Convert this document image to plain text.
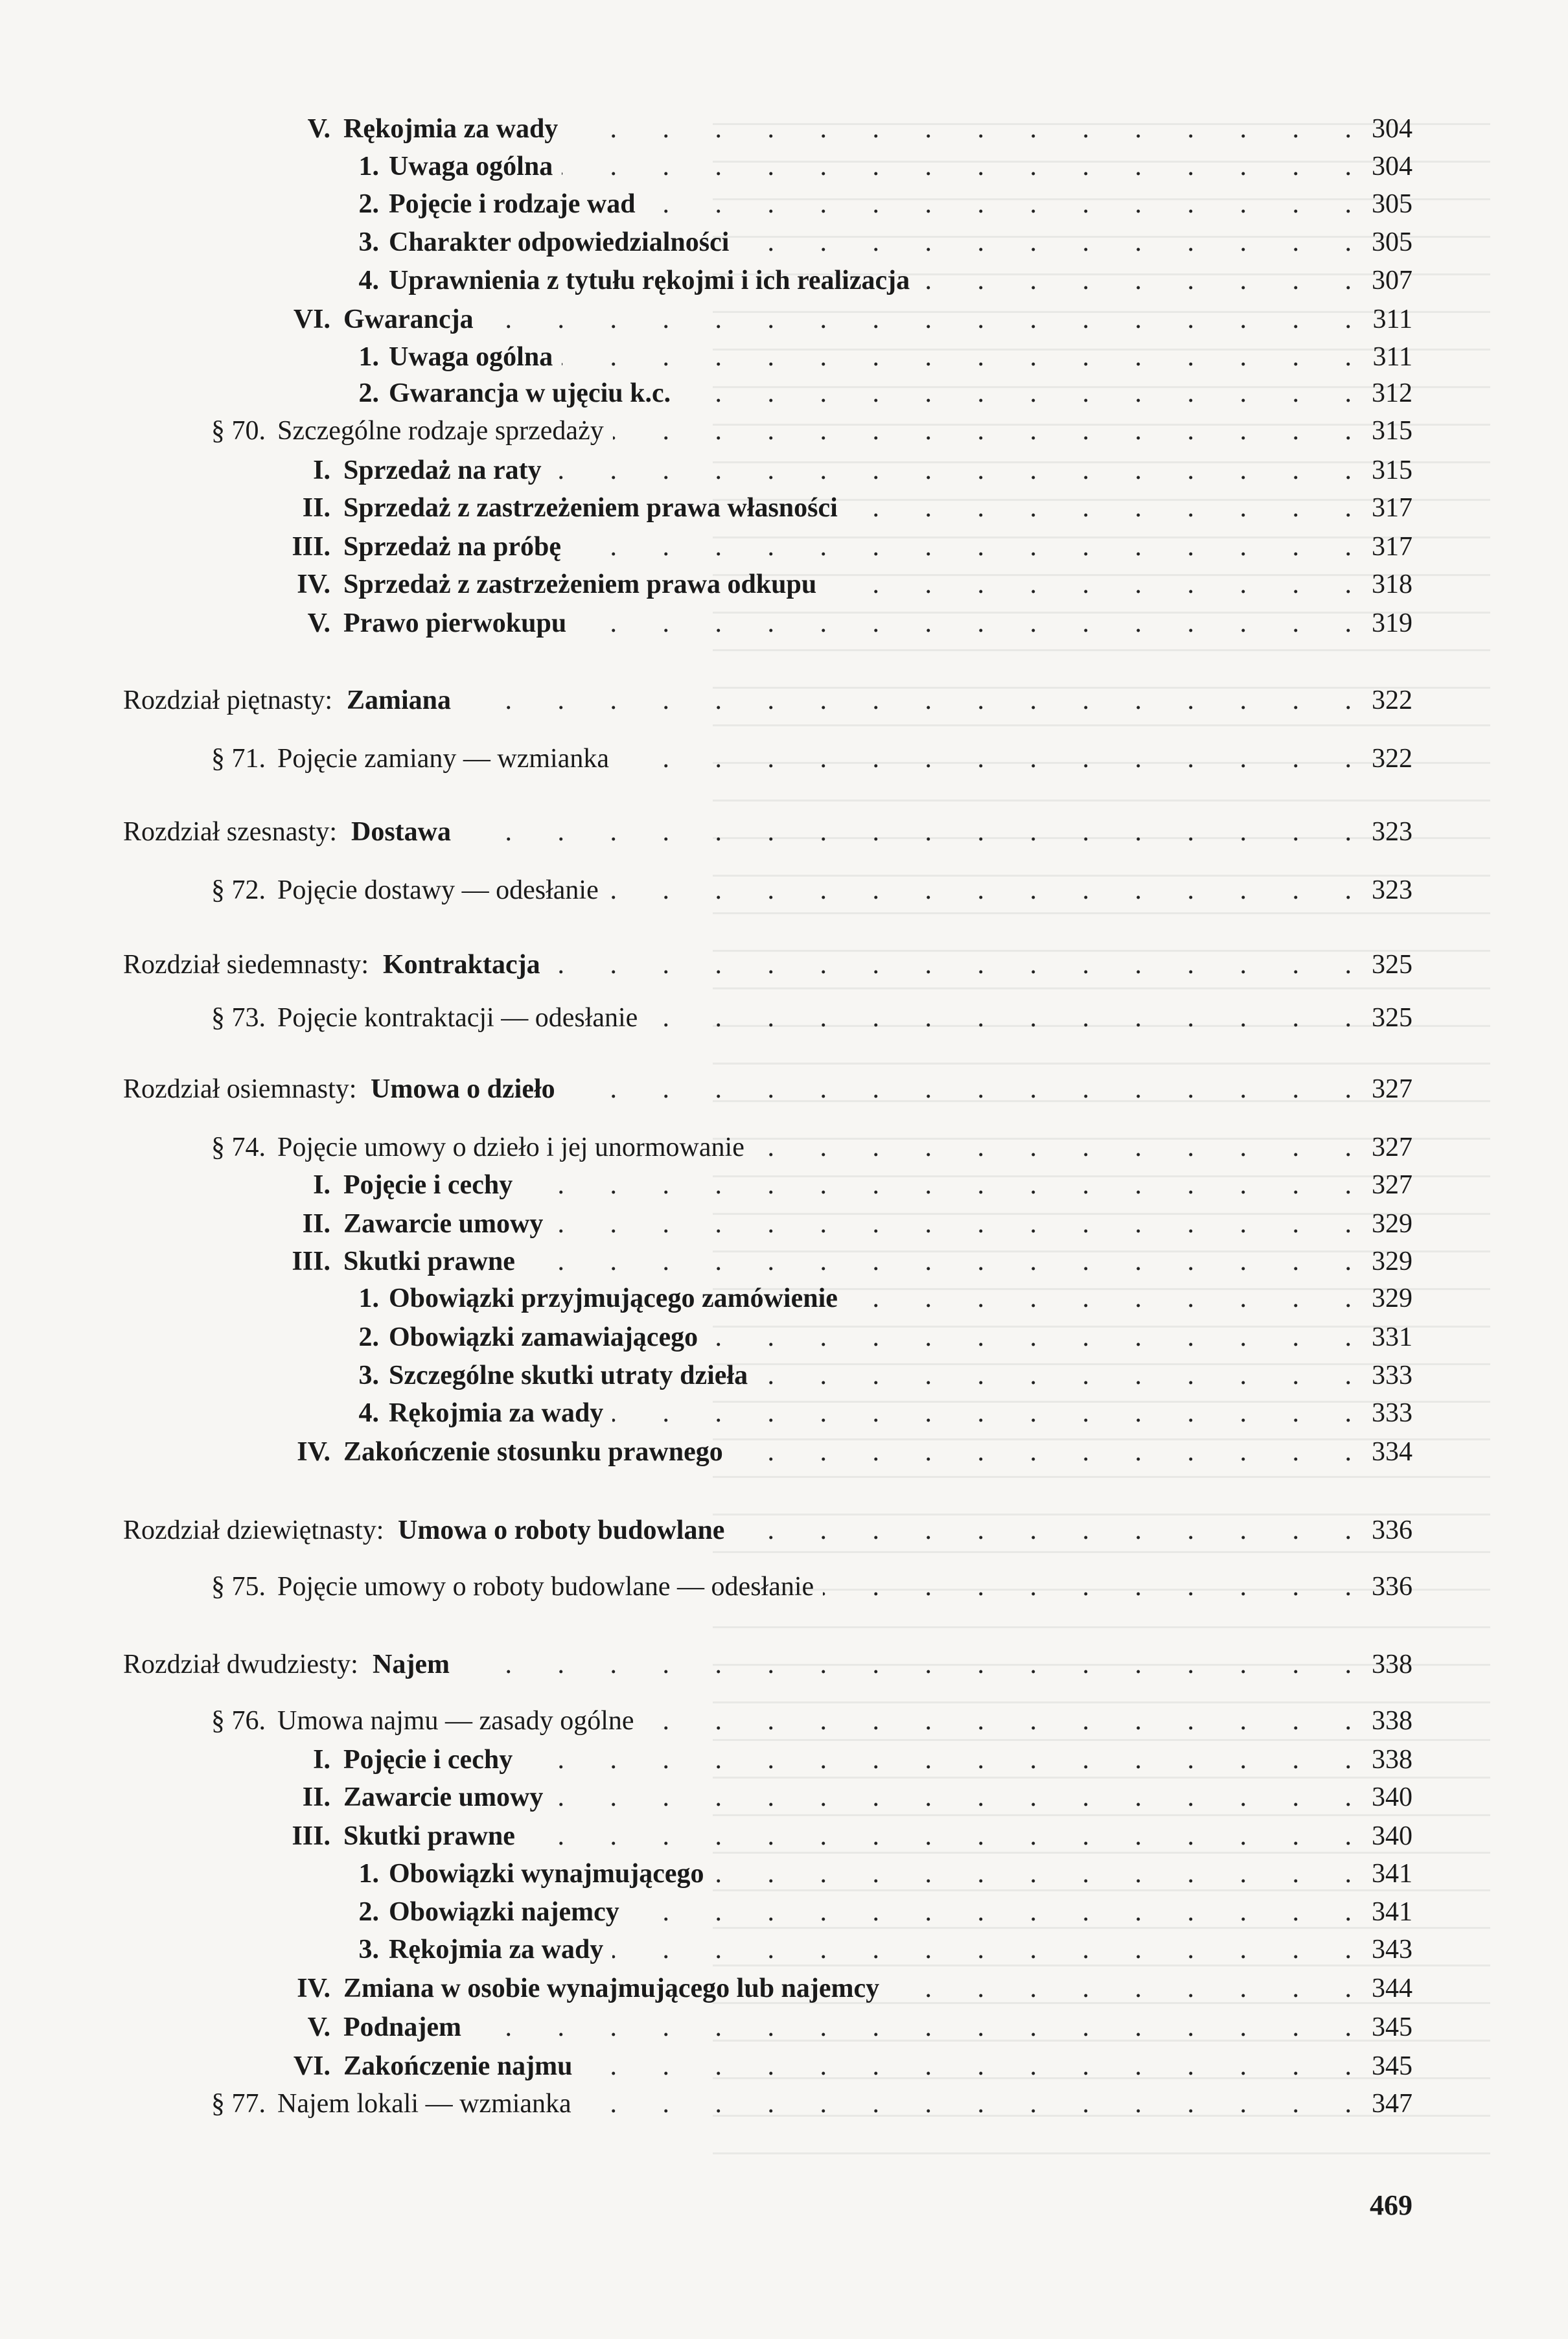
V. Rękojmia za wady . . .	304
1. Uwaga ogólna . . .	304
2. Pojęcie i rodzaje wad . . .	305
3. Charakter odpowiedzialności . . .	305
4. Uprawnienia z tytułu rękojmi i ich realizacja . . .	307
VI. Gwarancja . . .	311
1. Uwaga ogólna . . .	311
2. Gwarancja w ujęciu k.c. . . .	312
§ 70. Szczególne rodzaje sprzedaży . . .	315
I. Sprzedaż na raty . . .	315
II. Sprzedaż z zastrzeżeniem prawa własności . . .	317
III. Sprzedaż na próbę . . .	317
IV. Sprzedaż z zastrzeżeniem prawa odkupu . . .	318
V. Prawo pierwokupu . . .	319
Rozdział piętnasty: Zamiana . . .	322
§ 71. Pojęcie zamiany — wzmianka . . .	322
Rozdział szesnasty: Dostawa . . .	323
§ 72. Pojęcie dostawy — odesłanie . . .	323
Rozdział siedemnasty: Kontraktacja . . .	325
§ 73. Pojęcie kontraktacji — odesłanie . . .	325
Rozdział osiemnasty: Umowa o dzieło . . .	327
§ 74. Pojęcie umowy o dzieło i jej unormowanie . . .	327
I. Pojęcie i cechy . . .	327
II. Zawarcie umowy . . .	329
III. Skutki prawne . . .	329
1. Obowiązki przyjmującego zamówienie . . .	329
2. Obowiązki zamawiającego . . .	331
3. Szczególne skutki utraty dzieła . . .	333
4. Rękojmia za wady . . .	333
IV. Zakończenie stosunku prawnego . . .	334
Rozdział dziewiętnasty: Umowa o roboty budowlane . . .	336
§ 75. Pojęcie umowy o roboty budowlane — odesłanie . . .	336
Rozdział dwudziesty: Najem . . .	338
§ 76. Umowa najmu — zasady ogólne . . .	338
I. Pojęcie i cechy . . .	338
II. Zawarcie umowy . . .	340
III. Skutki prawne . . .	340
1. Obowiązki wynajmującego . . .	341
2. Obowiązki najemcy . . .	341
3. Rękojmia za wady . . .	343
IV. Zmiana w osobie wynajmującego lub najemcy . . .	344
V. Podnajem . . .	345
VI. Zakończenie najmu . . .	345
§ 77. Najem lokali — wzmianka . . .	347
469
